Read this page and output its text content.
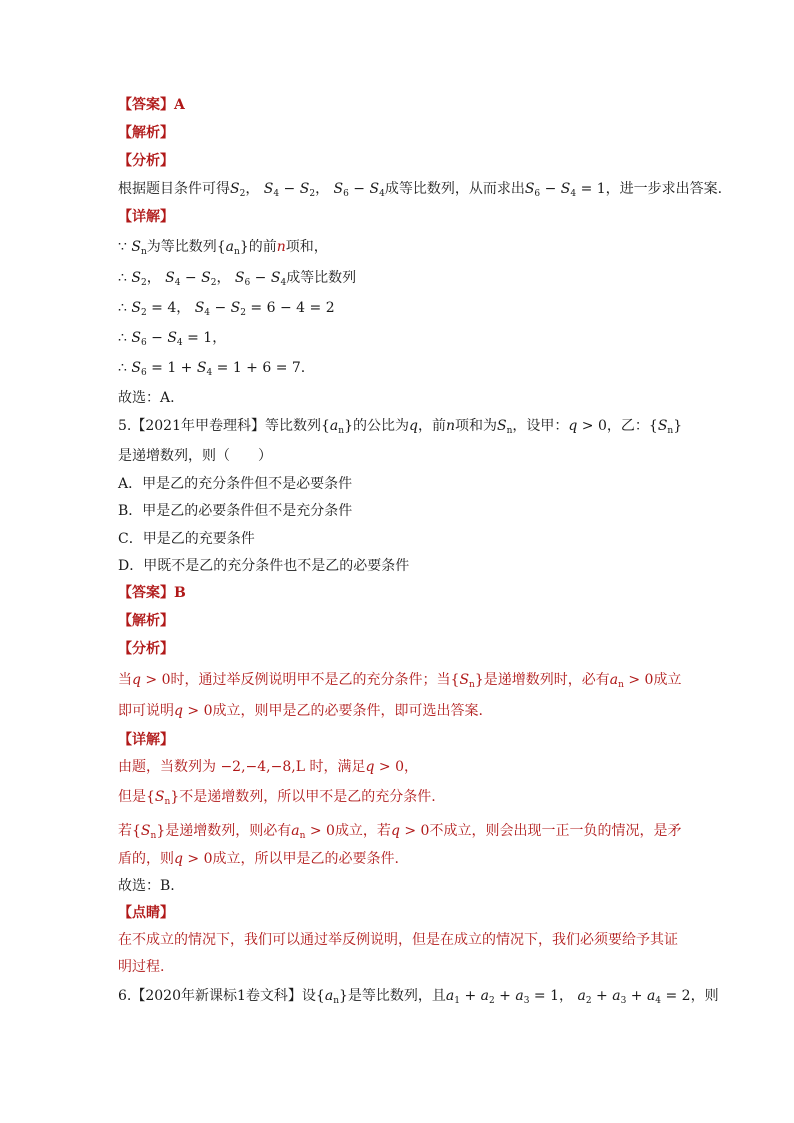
【答案】A
【解析】
【分析】
根据题目条件可得$S_2$， $S_4 - S_2$， $S_6 - S_4$成等比数列，从而求出$S_6 - S_4 = 1$，进一步求出答案.
【详解】
∵ $S_n$为等比数列$\{a_n\}$的前n项和，
∴ $S_2$， $S_4 - S_2$， $S_6 - S_4$成等比数列
∴ $S_2 = 4$， $S_4 - S_2 = 6 - 4 = 2$
∴ $S_6 - S_4 = 1$，
∴ $S_6 = 1 + S_4 = 1 + 6 = 7$.
故选：A.
5.【2021年甲卷理科】等比数列$\{a_n\}$的公比为q，前n项和为$S_n$，设甲：q > 0，乙：$\{S_n\}$
是递增数列，则（　　）
A．甲是乙的充分条件但不是必要条件
B．甲是乙的必要条件但不是充分条件
C．甲是乙的充要条件
D．甲既不是乙的充分条件也不是乙的必要条件
【答案】B
【解析】
【分析】
当q > 0时，通过举反例说明甲不是乙的充分条件；当$\{S_n\}$是递增数列时，必有$a_n > 0$成立
即可说明q > 0成立，则甲是乙的必要条件，即可选出答案.
【详解】
由题，当数列为 −2,−4,−8,L 时，满足q > 0，
但是$\{S_n\}$不是递增数列，所以甲不是乙的充分条件.
若$\{S_n\}$是递增数列，则必有$a_n > 0$成立，若q > 0不成立，则会出现一正一负的情况，是矛
盾的，则q > 0成立，所以甲是乙的必要条件.
故选：B.
【点睛】
在不成立的情况下，我们可以通过举反例说明，但是在成立的情况下，我们必须要给予其证
明过程.
6.【2020年新课标1卷文科】设$\{a_n\}$是等比数列，且$a_1 + a_2 + a_3 = 1$， $a_2 + a_3 + a_4 = 2$，则
